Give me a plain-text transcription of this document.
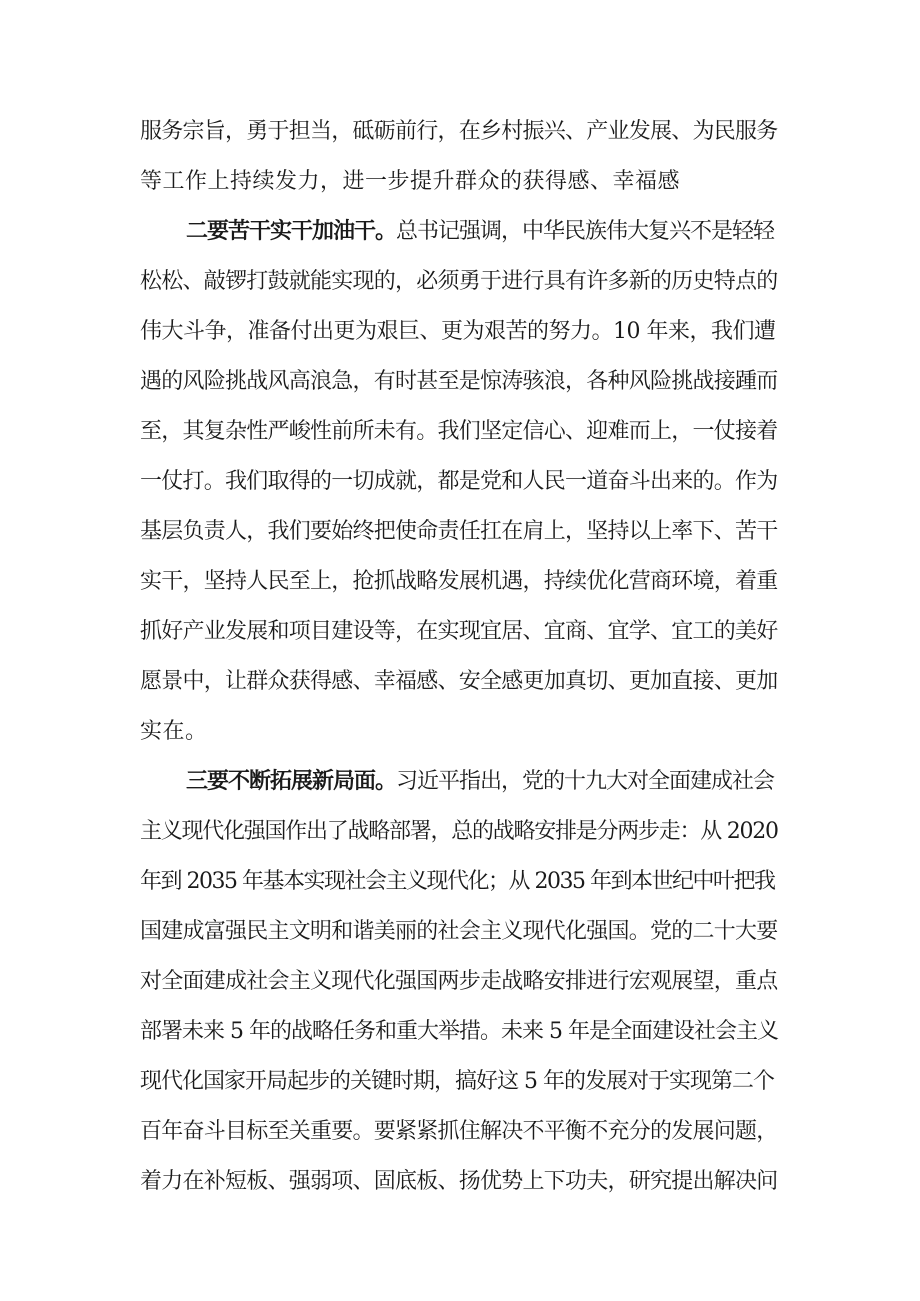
服务宗旨，勇于担当，砥砺前行，在乡村振兴、产业发展、为民服务
等工作上持续发力，进一步提升群众的获得感、幸福感
二要苦干实干加油干。总书记强调，中华民族伟大复兴不是轻轻
松松、敲锣打鼓就能实现的，必须勇于进行具有许多新的历史特点的
伟大斗争，准备付出更为艰巨、更为艰苦的努力。10 年来，我们遭
遇的风险挑战风高浪急，有时甚至是惊涛骇浪，各种风险挑战接踵而
至，其复杂性严峻性前所未有。我们坚定信心、迎难而上，一仗接着
一仗打。我们取得的一切成就，都是党和人民一道奋斗出来的。作为
基层负责人，我们要始终把使命责任扛在肩上，坚持以上率下、苦干
实干，坚持人民至上，抢抓战略发展机遇，持续优化营商环境，着重
抓好产业发展和项目建设等，在实现宜居、宜商、宜学、宜工的美好
愿景中，让群众获得感、幸福感、安全感更加真切、更加直接、更加
实在。
三要不断拓展新局面。习近平指出，党的十九大对全面建成社会
主义现代化强国作出了战略部署，总的战略安排是分两步走：从 2020
年到 2035 年基本实现社会主义现代化；从 2035 年到本世纪中叶把我
国建成富强民主文明和谐美丽的社会主义现代化强国。党的二十大要
对全面建成社会主义现代化强国两步走战略安排进行宏观展望，重点
部署未来 5 年的战略任务和重大举措。未来 5 年是全面建设社会主义
现代化国家开局起步的关键时期，搞好这 5 年的发展对于实现第二个
百年奋斗目标至关重要。要紧紧抓住解决不平衡不充分的发展问题，
着力在补短板、强弱项、固底板、扬优势上下功夫，研究提出解决问
